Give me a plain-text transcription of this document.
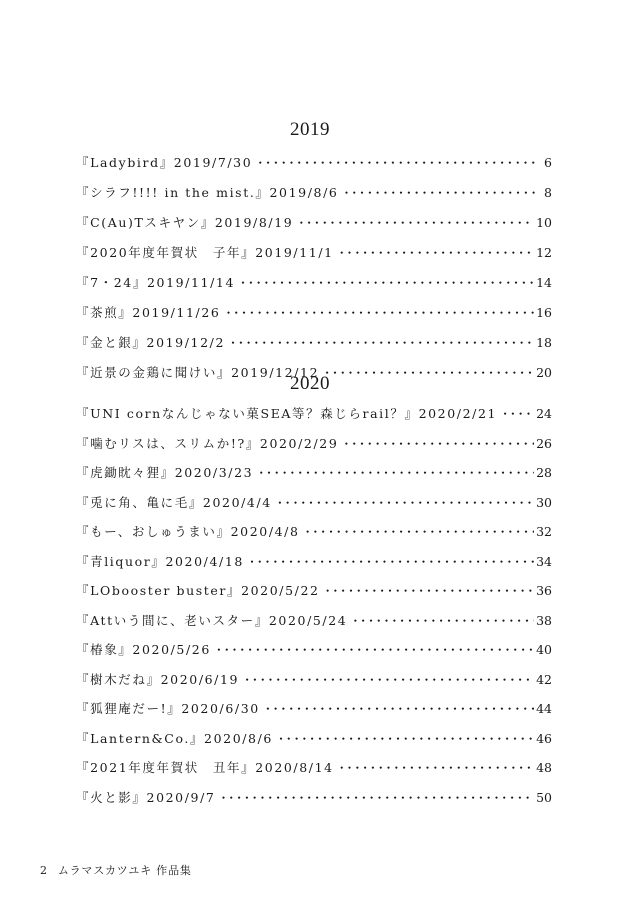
2019
『Ladybird』 2019/7/30 ・・・・・・・・・・・・・・・・・・・・・・・・・・・・・・・・・・・・・・・・・・・・・・・・・・・・・・・・・・・・・・・・・・・・・・・・・・・・・・・・・・・・・・・・・・・・	6
『シラフ!!!! in the mist.』 2019/8/6 ・・・・・・・・・・・・・・・・・・・・・・・・・・・・・・・・・・・・・・・・・・・・・・・・・・・・・・・・・・・・・・・・・・・・・・・・・・・・・・・・・・・・・・・・・・・・	8
『C(Au)Tスキヤン』 2019/8/19 ・・・・・・・・・・・・・・・・・・・・・・・・・・・・・・・・・・・・・・・・・・・・・・・・・・・・・・・・・・・・・・・・・・・・・・・・・・・・・・・・・・・・・・・・・・・・	10
『2020年度年賀状　子年』 2019/11/1 ・・・・・・・・・・・・・・・・・・・・・・・・・・・・・・・・・・・・・・・・・・・・・・・・・・・・・・・・・・・・・・・・・・・・・・・・・・・・・・・・・・・・・・・・・・・・	12
『7・24』 2019/11/14 ・・・・・・・・・・・・・・・・・・・・・・・・・・・・・・・・・・・・・・・・・・・・・・・・・・・・・・・・・・・・・・・・・・・・・・・・・・・・・・・・・・・・・・・・・・・・	14
『茶煎』 2019/11/26 ・・・・・・・・・・・・・・・・・・・・・・・・・・・・・・・・・・・・・・・・・・・・・・・・・・・・・・・・・・・・・・・・・・・・・・・・・・・・・・・・・・・・・・・・・・・・	16
『金と銀』 2019/12/2 ・・・・・・・・・・・・・・・・・・・・・・・・・・・・・・・・・・・・・・・・・・・・・・・・・・・・・・・・・・・・・・・・・・・・・・・・・・・・・・・・・・・・・・・・・・・・	18
『近景の金鶏に聞けい』 2019/12/12 ・・・・・・・・・・・・・・・・・・・・・・・・・・・・・・・・・・・・・・・・・・・・・・・・・・・・・・・・・・・・・・・・・・・・・・・・・・・・・・・・・・・・・・・・・・・・	20
2020
『UNI cornなんじゃない菓SEA等？森じらrail？』 2020/2/21 ・・・・・・・・・・・・・・・・・・・・・・・・・・・・・・・・・・・・・・・・・・・・・・・・・・・・・・・・・・・・・・・・・・・・・・・・・・・・・・・・・・・・・・・・・・・・	24
『噛むリスは、スリムか!?』 2020/2/29 ・・・・・・・・・・・・・・・・・・・・・・・・・・・・・・・・・・・・・・・・・・・・・・・・・・・・・・・・・・・・・・・・・・・・・・・・・・・・・・・・・・・・・・・・・・・・	26
『虎鋤眈々狸』 2020/3/23 ・・・・・・・・・・・・・・・・・・・・・・・・・・・・・・・・・・・・・・・・・・・・・・・・・・・・・・・・・・・・・・・・・・・・・・・・・・・・・・・・・・・・・・・・・・・・	28
『兎に角、亀に毛』 2020/4/4 ・・・・・・・・・・・・・・・・・・・・・・・・・・・・・・・・・・・・・・・・・・・・・・・・・・・・・・・・・・・・・・・・・・・・・・・・・・・・・・・・・・・・・・・・・・・・	30
『もー、おしゅうまい』 2020/4/8 ・・・・・・・・・・・・・・・・・・・・・・・・・・・・・・・・・・・・・・・・・・・・・・・・・・・・・・・・・・・・・・・・・・・・・・・・・・・・・・・・・・・・・・・・・・・・	32
『青liquor』 2020/4/18 ・・・・・・・・・・・・・・・・・・・・・・・・・・・・・・・・・・・・・・・・・・・・・・・・・・・・・・・・・・・・・・・・・・・・・・・・・・・・・・・・・・・・・・・・・・・・	34
『LObooster buster』 2020/5/22 ・・・・・・・・・・・・・・・・・・・・・・・・・・・・・・・・・・・・・・・・・・・・・・・・・・・・・・・・・・・・・・・・・・・・・・・・・・・・・・・・・・・・・・・・・・・・	36
『Attいう間に、老いスター』 2020/5/24 ・・・・・・・・・・・・・・・・・・・・・・・・・・・・・・・・・・・・・・・・・・・・・・・・・・・・・・・・・・・・・・・・・・・・・・・・・・・・・・・・・・・・・・・・・・・・	38
『椿象』 2020/5/26 ・・・・・・・・・・・・・・・・・・・・・・・・・・・・・・・・・・・・・・・・・・・・・・・・・・・・・・・・・・・・・・・・・・・・・・・・・・・・・・・・・・・・・・・・・・・・	40
『樹木だね』 2020/6/19 ・・・・・・・・・・・・・・・・・・・・・・・・・・・・・・・・・・・・・・・・・・・・・・・・・・・・・・・・・・・・・・・・・・・・・・・・・・・・・・・・・・・・・・・・・・・・	42
『狐狸庵だー!』 2020/6/30 ・・・・・・・・・・・・・・・・・・・・・・・・・・・・・・・・・・・・・・・・・・・・・・・・・・・・・・・・・・・・・・・・・・・・・・・・・・・・・・・・・・・・・・・・・・・・	44
『Lantern&Co.』 2020/8/6 ・・・・・・・・・・・・・・・・・・・・・・・・・・・・・・・・・・・・・・・・・・・・・・・・・・・・・・・・・・・・・・・・・・・・・・・・・・・・・・・・・・・・・・・・・・・・	46
『2021年度年賀状　丑年』 2020/8/14 ・・・・・・・・・・・・・・・・・・・・・・・・・・・・・・・・・・・・・・・・・・・・・・・・・・・・・・・・・・・・・・・・・・・・・・・・・・・・・・・・・・・・・・・・・・・・	48
『火と影』 2020/9/7 ・・・・・・・・・・・・・・・・・・・・・・・・・・・・・・・・・・・・・・・・・・・・・・・・・・・・・・・・・・・・・・・・・・・・・・・・・・・・・・・・・・・・・・・・・・・・	50
2 ムラマスカツユキ 作品集
